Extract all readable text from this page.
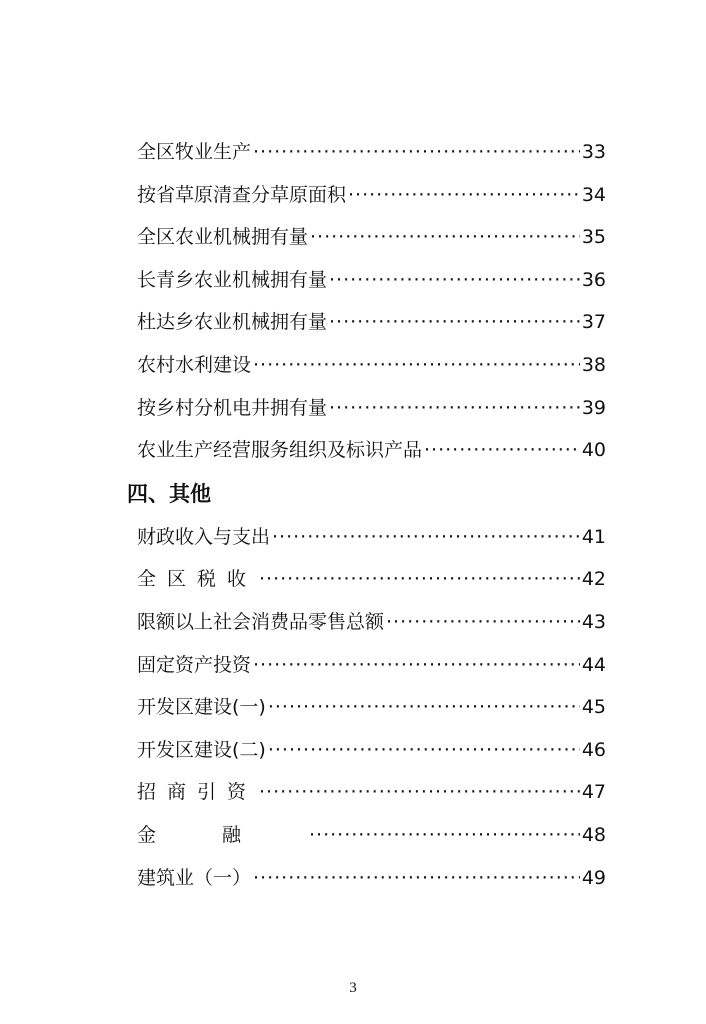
全区牧业生产 ·····	33
按省草原清查分草原面积 ·····	34
全区农业机械拥有量 ·····	35
长青乡农业机械拥有量 ·····	36
杜达乡农业机械拥有量 ·····	37
农村水利建设 ·····	38
按乡村分机电井拥有量 ·····	39
农业生产经营服务组织及标识产品 ·····	40
四、其他
财政收入与支出 ·····	41
全区税收 ·····	42
限额以上社会消费品零售总额 ·····	43
固定资产投资 ·····	44
开发区建设(一) ·····	45
开发区建设(二) ·····	46
招商引资 ·····	47
金融 ·····	48
建筑业（一） ·····	49
3
